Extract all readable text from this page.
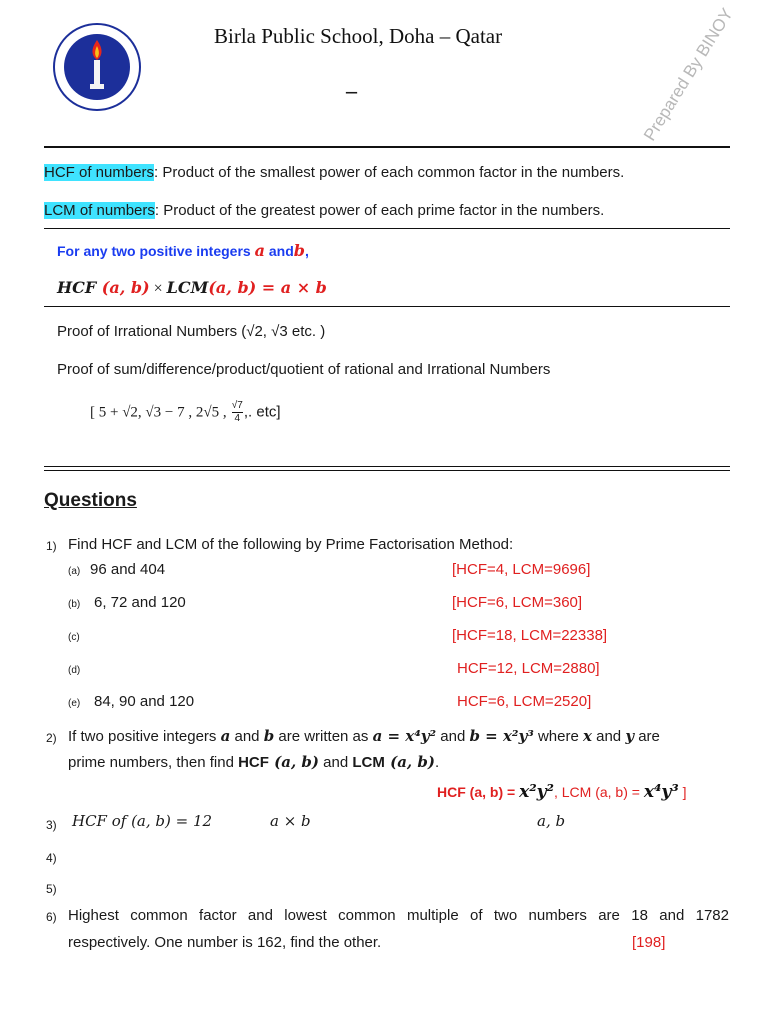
Birla Public School, Doha – Qatar
–	Prepared By BINOY
HCF of numbers: Product of the smallest power of each common factor in the numbers.
LCM of numbers: Product of the greatest power of each prime factor in the numbers.
For any two positive integers a andb,
HCF (a, b) × LCM(a, b) = a × b
Proof of Irrational Numbers (√2, √3 etc. )
Proof of sum/difference/product/quotient of rational and Irrational Numbers
[ 5 + √2, √3 − 7 , 2√5 , $\frac{√7}{4}$ ,. etc]
Questions
1) Find HCF and LCM of the following by Prime Factorisation Method:
(a) 96 and 404	[HCF=4, LCM=9696]
(b) 6, 72 and 120	[HCF=6, LCM=360]
(c)	[HCF=18, LCM=22338]
(d)	HCF=12, LCM=2880]
(e) 84, 90 and 120	HCF=6, LCM=2520]
2) If two positive integers a and b are written as a = x⁴y² and b = x²y³ where x and y are
prime numbers, then find HCF (a, b) and LCM (a, b).
HCF (a, b) = x²y², LCM (a, b) = x⁴y³ ]
3) HCF of (a, b) = 12	a × b	a, b
4)
5)
6) Highest common factor and lowest common multiple of two numbers are 18 and 1782
respectively. One number is 162, find the other.	[198]
